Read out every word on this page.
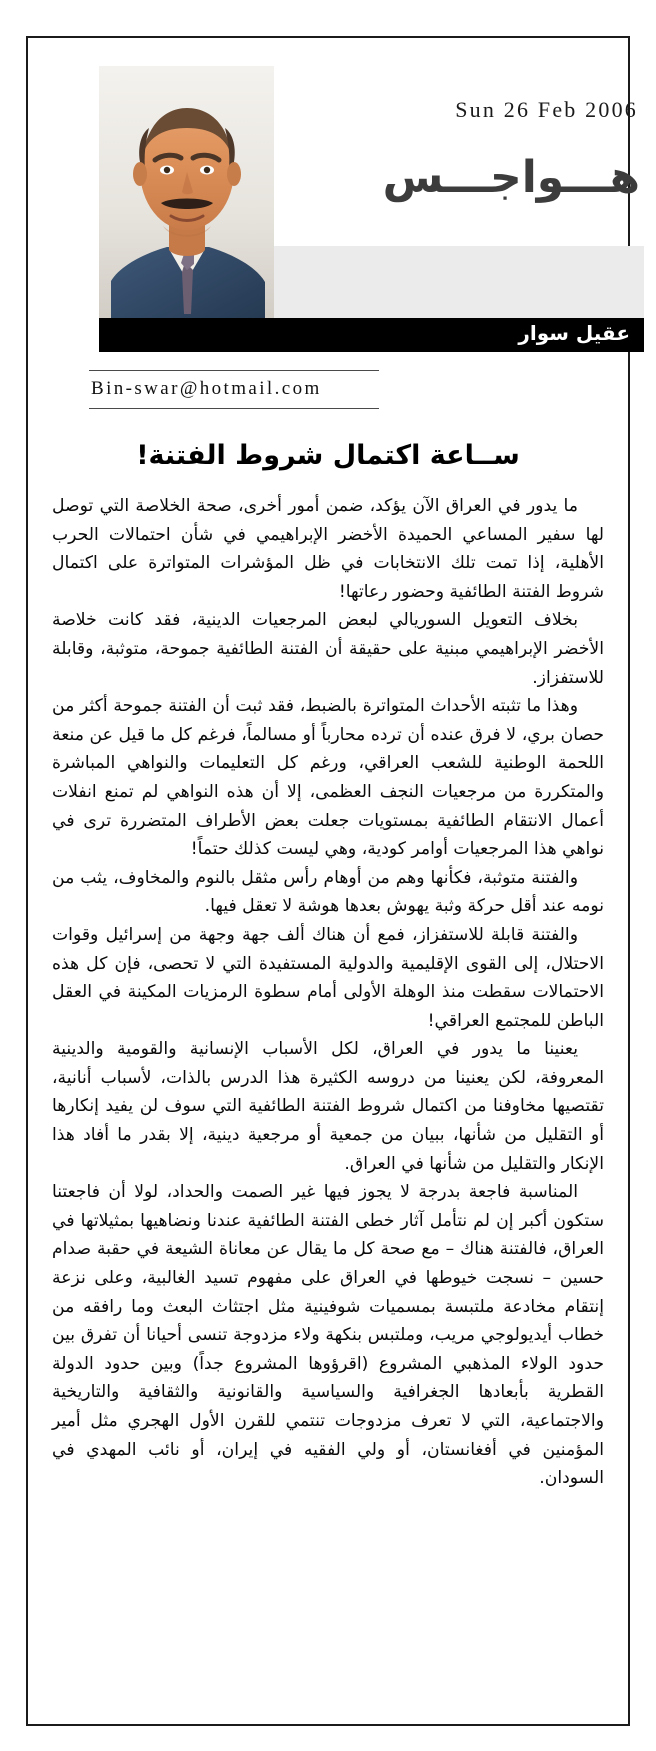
Sun 26 Feb 2006
هـــواجـــس
عقيل سوار
Bin-swar@hotmail.com
ســاعة اكتمال شروط الفتنة!

ما يدور في العراق الآن يؤكد، ضمن أمور أخرى، صحة الخلاصة التي توصل لها سفير المساعي الحميدة الأخضر الإبراهيمي في شأن احتمالات الحرب الأهلية، إذا تمت تلك الانتخابات في ظل المؤشرات المتواترة على اكتمال شروط الفتنة الطائفية وحضور رعاتها!

بخلاف التعويل السوريالي لبعض المرجعيات الدينية، فقد كانت خلاصة الأخضر الإبراهيمي مبنية على حقيقة أن الفتنة الطائفية جموحة، متوثبة، وقابلة للاستفزاز.

وهذا ما تثبته الأحداث المتواترة بالضبط، فقد ثبت أن الفتنة جموحة أكثر من حصان بري، لا فرق عنده أن ترده محارباً أو مسالماً، فرغم كل ما قيل عن منعة اللحمة الوطنية للشعب العراقي، ورغم كل التعليمات والنواهي المباشرة والمتكررة من مرجعيات النجف العظمى، إلا أن هذه النواهي لم تمنع انفلات أعمال الانتقام الطائفية بمستويات جعلت بعض الأطراف المتضررة ترى في نواهي هذا المرجعيات أوامر كودية، وهي ليست كذلك حتماً!

والفتنة متوثبة، فكأنها وهم من أوهام رأس مثقل بالنوم والمخاوف، يثب من نومه عند أقل حركة وثبة يهوش بعدها هوشة لا تعقل فيها.

والفتنة قابلة للاستفزاز، فمع أن هناك ألف جهة وجهة من إسرائيل وقوات الاحتلال، إلى القوى الإقليمية والدولية المستفيدة التي لا تحصى، فإن كل هذه الاحتمالات سقطت منذ الوهلة الأولى أمام سطوة الرمزيات المكينة في العقل الباطن للمجتمع العراقي!

يعنينا ما يدور في العراق، لكل الأسباب الإنسانية والقومية والدينية المعروفة، لكن يعنينا من دروسه الكثيرة هذا الدرس بالذات، لأسباب أنانية، تقتصيها مخاوفنا من اكتمال شروط الفتنة الطائفية التي سوف لن يفيد إنكارها أو التقليل من شأنها، ببيان من جمعية أو مرجعية دينية، إلا بقدر ما أفاد هذا الإنكار والتقليل من شأنها في العراق.

المناسبة فاجعة بدرجة لا يجوز فيها غير الصمت والحداد، لولا أن فاجعتنا ستكون أكبر إن لم نتأمل آثار خطى الفتنة الطائفية عندنا ونضاهيها بمثيلاتها في العراق، فالفتنة هناك – مع صحة كل ما يقال عن معاناة الشيعة في حقبة صدام حسين – نسجت خيوطها في العراق على مفهوم تسيد الغالبية، وعلى نزعة إنتقام مخادعة ملتبسة بمسميات شوفينية مثل اجتثاث البعث وما رافقه من خطاب أيديولوجي مريب، وملتبس بنكهة ولاء مزدوجة تنسى أحيانا أن تفرق بين حدود الولاء المذهبي المشروع (اقرؤوها المشروع جداً) وبين حدود الدولة القطرية بأبعادها الجغرافية والسياسية والقانونية والثقافية والتاريخية والاجتماعية، التي لا تعرف مزدوجات تنتمي للقرن الأول الهجري مثل أمير المؤمنين في أفغانستان، أو ولي الفقيه في إيران، أو نائب المهدي في السودان.
